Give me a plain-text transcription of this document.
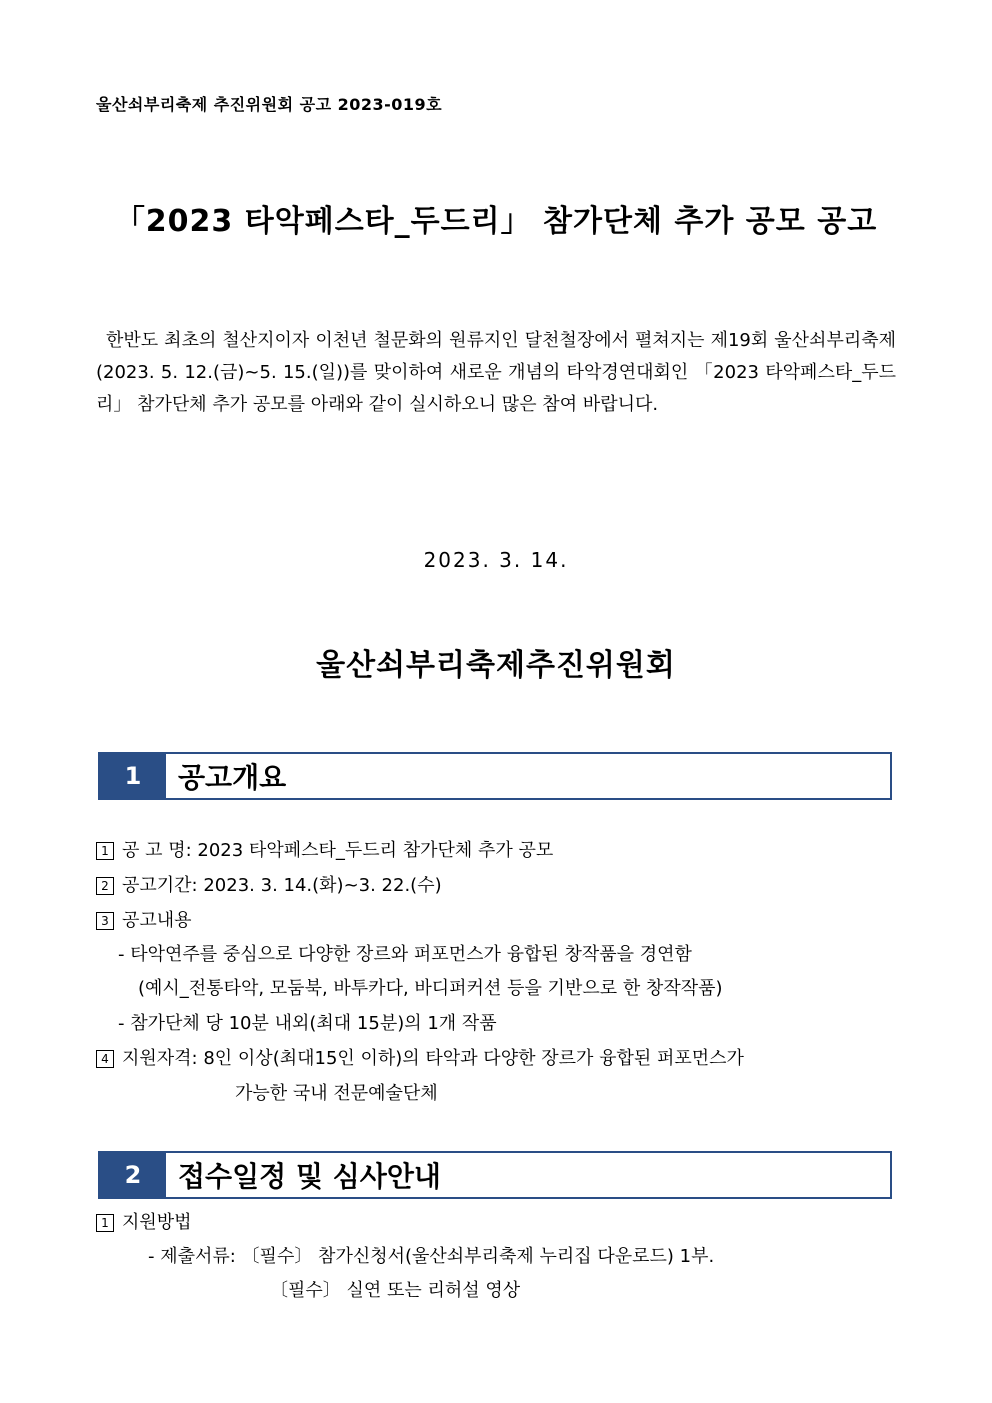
울산쇠부리축제 추진위원회 공고 2023-019호
「2023 타악페스타_두드리」 참가단체 추가 공모 공고
한반도 최초의 철산지이자 이천년 철문화의 원류지인 달천철장에서 펼쳐지는 제19회 울산쇠부리축제(2023. 5. 12.(금)~5. 15.(일))를 맞이하여 새로운 개념의 타악경연대회인 「2023 타악페스타_두드리」 참가단체 추가 공모를 아래와 같이 실시하오니 많은 참여 바랍니다.
2023. 3. 14.
울산쇠부리축제추진위원회
1	공고개요
1 공 고 명: 2023 타악페스타_두드리 참가단체 추가 공모
2 공고기간: 2023. 3. 14.(화)~3. 22.(수)
3 공고내용
- 타악연주를 중심으로 다양한 장르와 퍼포먼스가 융합된 창작품을 경연함
(예시_전통타악, 모둠북, 바투카다, 바디퍼커션 등을 기반으로 한 창작작품)
- 참가단체 당 10분 내외(최대 15분)의 1개 작품
4 지원자격: 8인 이상(최대15인 이하)의 타악과 다양한 장르가 융합된 퍼포먼스가
가능한 국내 전문예술단체
2	접수일정 및 심사안내
1 지원방법
- 제출서류: 〔필수〕 참가신청서(울산쇠부리축제 누리집 다운로드) 1부.
〔필수〕 실연 또는 리허설 영상
